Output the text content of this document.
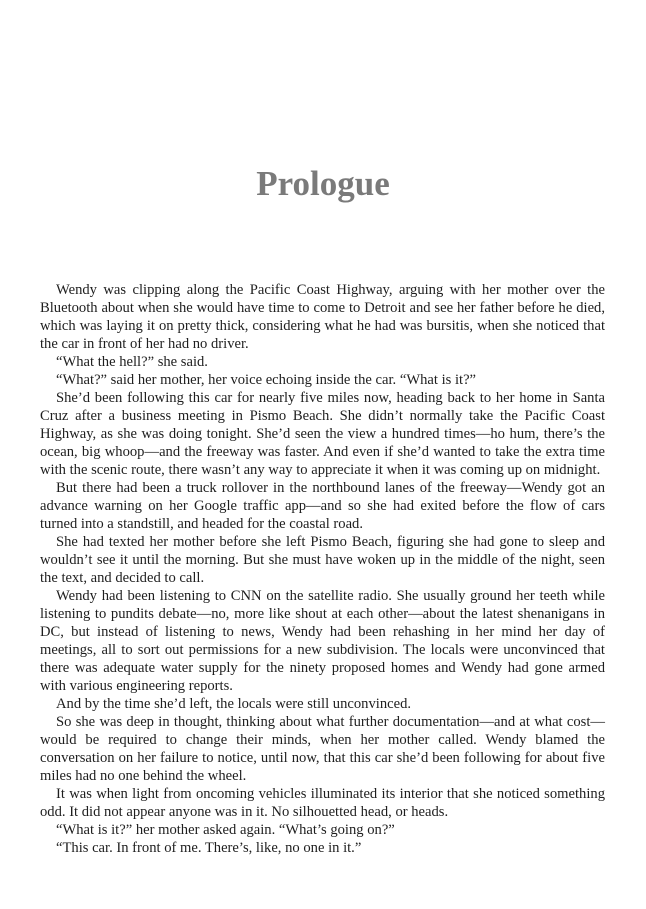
Prologue

Wendy was clipping along the Pacific Coast Highway, arguing with her mother over the Bluetooth about when she would have time to come to Detroit and see her father before he died, which was laying it on pretty thick, considering what he had was bursitis, when she noticed that the car in front of her had no driver.

“What the hell?” she said.

“What?” said her mother, her voice echoing inside the car. “What is it?”

She’d been following this car for nearly five miles now, heading back to her home in Santa Cruz after a business meeting in Pismo Beach. She didn’t normally take the Pacific Coast Highway, as she was doing tonight. She’d seen the view a hundred times—ho hum, there’s the ocean, big whoop—and the freeway was faster. And even if she’d wanted to take the extra time with the scenic route, there wasn’t any way to appreciate it when it was coming up on midnight.

But there had been a truck rollover in the northbound lanes of the freeway—Wendy got an advance warning on her Google traffic app—and so she had exited before the flow of cars turned into a standstill, and headed for the coastal road.

She had texted her mother before she left Pismo Beach, figuring she had gone to sleep and wouldn’t see it until the morning. But she must have woken up in the middle of the night, seen the text, and decided to call.

Wendy had been listening to CNN on the satellite radio. She usually ground her teeth while listening to pundits debate—no, more like shout at each other—about the latest shenanigans in DC, but instead of listening to news, Wendy had been rehashing in her mind her day of meetings, all to sort out permissions for a new subdivision. The locals were unconvinced that there was adequate water supply for the ninety proposed homes and Wendy had gone armed with various engineering reports.

And by the time she’d left, the locals were still unconvinced.

So she was deep in thought, thinking about what further documentation—and at what cost—would be required to change their minds, when her mother called. Wendy blamed the conversation on her failure to notice, until now, that this car she’d been following for about five miles had no one behind the wheel.

It was when light from oncoming vehicles illuminated its interior that she noticed something odd. It did not appear anyone was in it. No silhouetted head, or heads.

“What is it?” her mother asked again. “What’s going on?”

“This car. In front of me. There’s, like, no one in it.”
